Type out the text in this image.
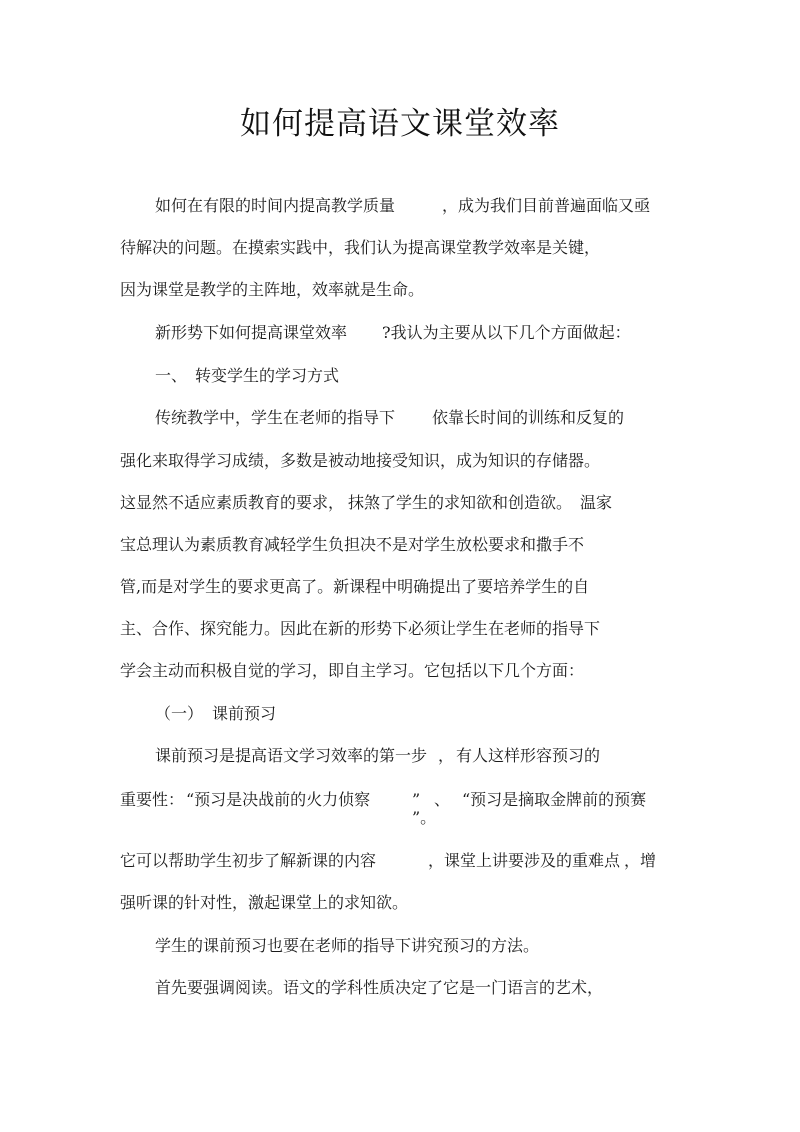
如何提高语文课堂效率
如何在有限的时间内提高教学质量	，成为我们目前普遍面临又亟
待解决的问题。在摸索实践中，我们认为提高课堂教学效率是关键，
因为课堂是教学的主阵地，效率就是生命。
新形势下如何提高课堂效率 ?我认为主要从以下几个方面做起：
一、 转变学生的学习方式
传统教学中，学生在老师的指导下 依靠长时间的训练和反复的
强化来取得学习成绩，多数是被动地接受知识，成为知识的存储器。
这显然不适应素质教育的要求， 抹煞了学生的求知欲和创造欲。 温家
宝总理认为素质教育减轻学生负担决不是对学生放松要求和撒手不
管,而是对学生的要求更高了。新课程中明确提出了要培养学生的自
主、合作、探究能力。因此在新的形势下必须让学生在老师的指导下
学会主动而积极自觉的学习，即自主学习。它包括以下几个方面：
（一） 课前预习
课前预习是提高语文学习效率的第一步 ， 有人这样形容预习的
重要性： “预习是决战前的火力侦察	” 、 “预习是摘取金牌前的预赛
”。
它可以帮助学生初步了解新课的内容	，课堂上讲要涉及的重难点 ，增
强听课的针对性，激起课堂上的求知欲。
学生的课前预习也要在老师的指导下讲究预习的方法。
首先要强调阅读。语文的学科性质决定了它是一门语言的艺术，
